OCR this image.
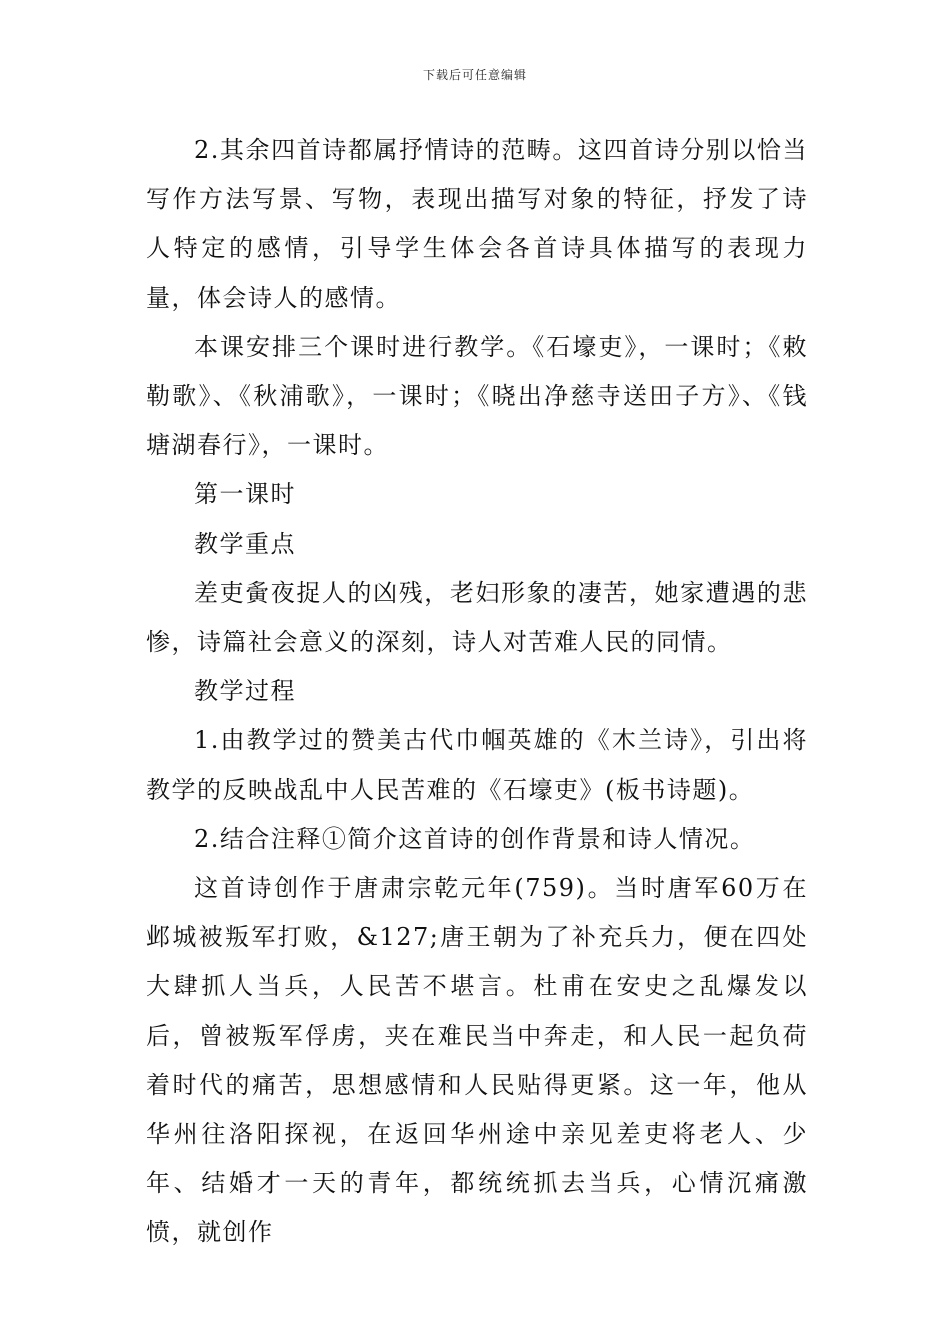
下载后可任意编辑

2.其余四首诗都属抒情诗的范畴。这四首诗分别以恰当写作方法写景、写物，表现出描写对象的特征，抒发了诗人特定的感情，引导学生体会各首诗具体描写的表现力量，体会诗人的感情。

本课安排三个课时进行教学。《石壕吏》，一课时；《敕勒歌》、《秋浦歌》，一课时；《晓出净慈寺送田子方》、《钱塘湖春行》，一课时。

第一课时

教学重点

差吏夤夜捉人的凶残，老妇形象的凄苦，她家遭遇的悲惨，诗篇社会意义的深刻，诗人对苦难人民的同情。

教学过程

1.由教学过的赞美古代巾帼英雄的《木兰诗》，引出将教学的反映战乱中人民苦难的《石壕吏》(板书诗题)。

2.结合注释①简介这首诗的创作背景和诗人情况。

这首诗创作于唐肃宗乾元年(759)。当时唐军60万在邺城被叛军打败，&127;唐王朝为了补充兵力，便在四处大肆抓人当兵，人民苦不堪言。杜甫在安史之乱爆发以后，曾被叛军俘虏，夹在难民当中奔走，和人民一起负荷着时代的痛苦，思想感情和人民贴得更紧。这一年，他从华州往洛阳探视，在返回华州途中亲见差吏将老人、少年、结婚才一天的青年，都统统抓去当兵，心情沉痛激愤，就创作
